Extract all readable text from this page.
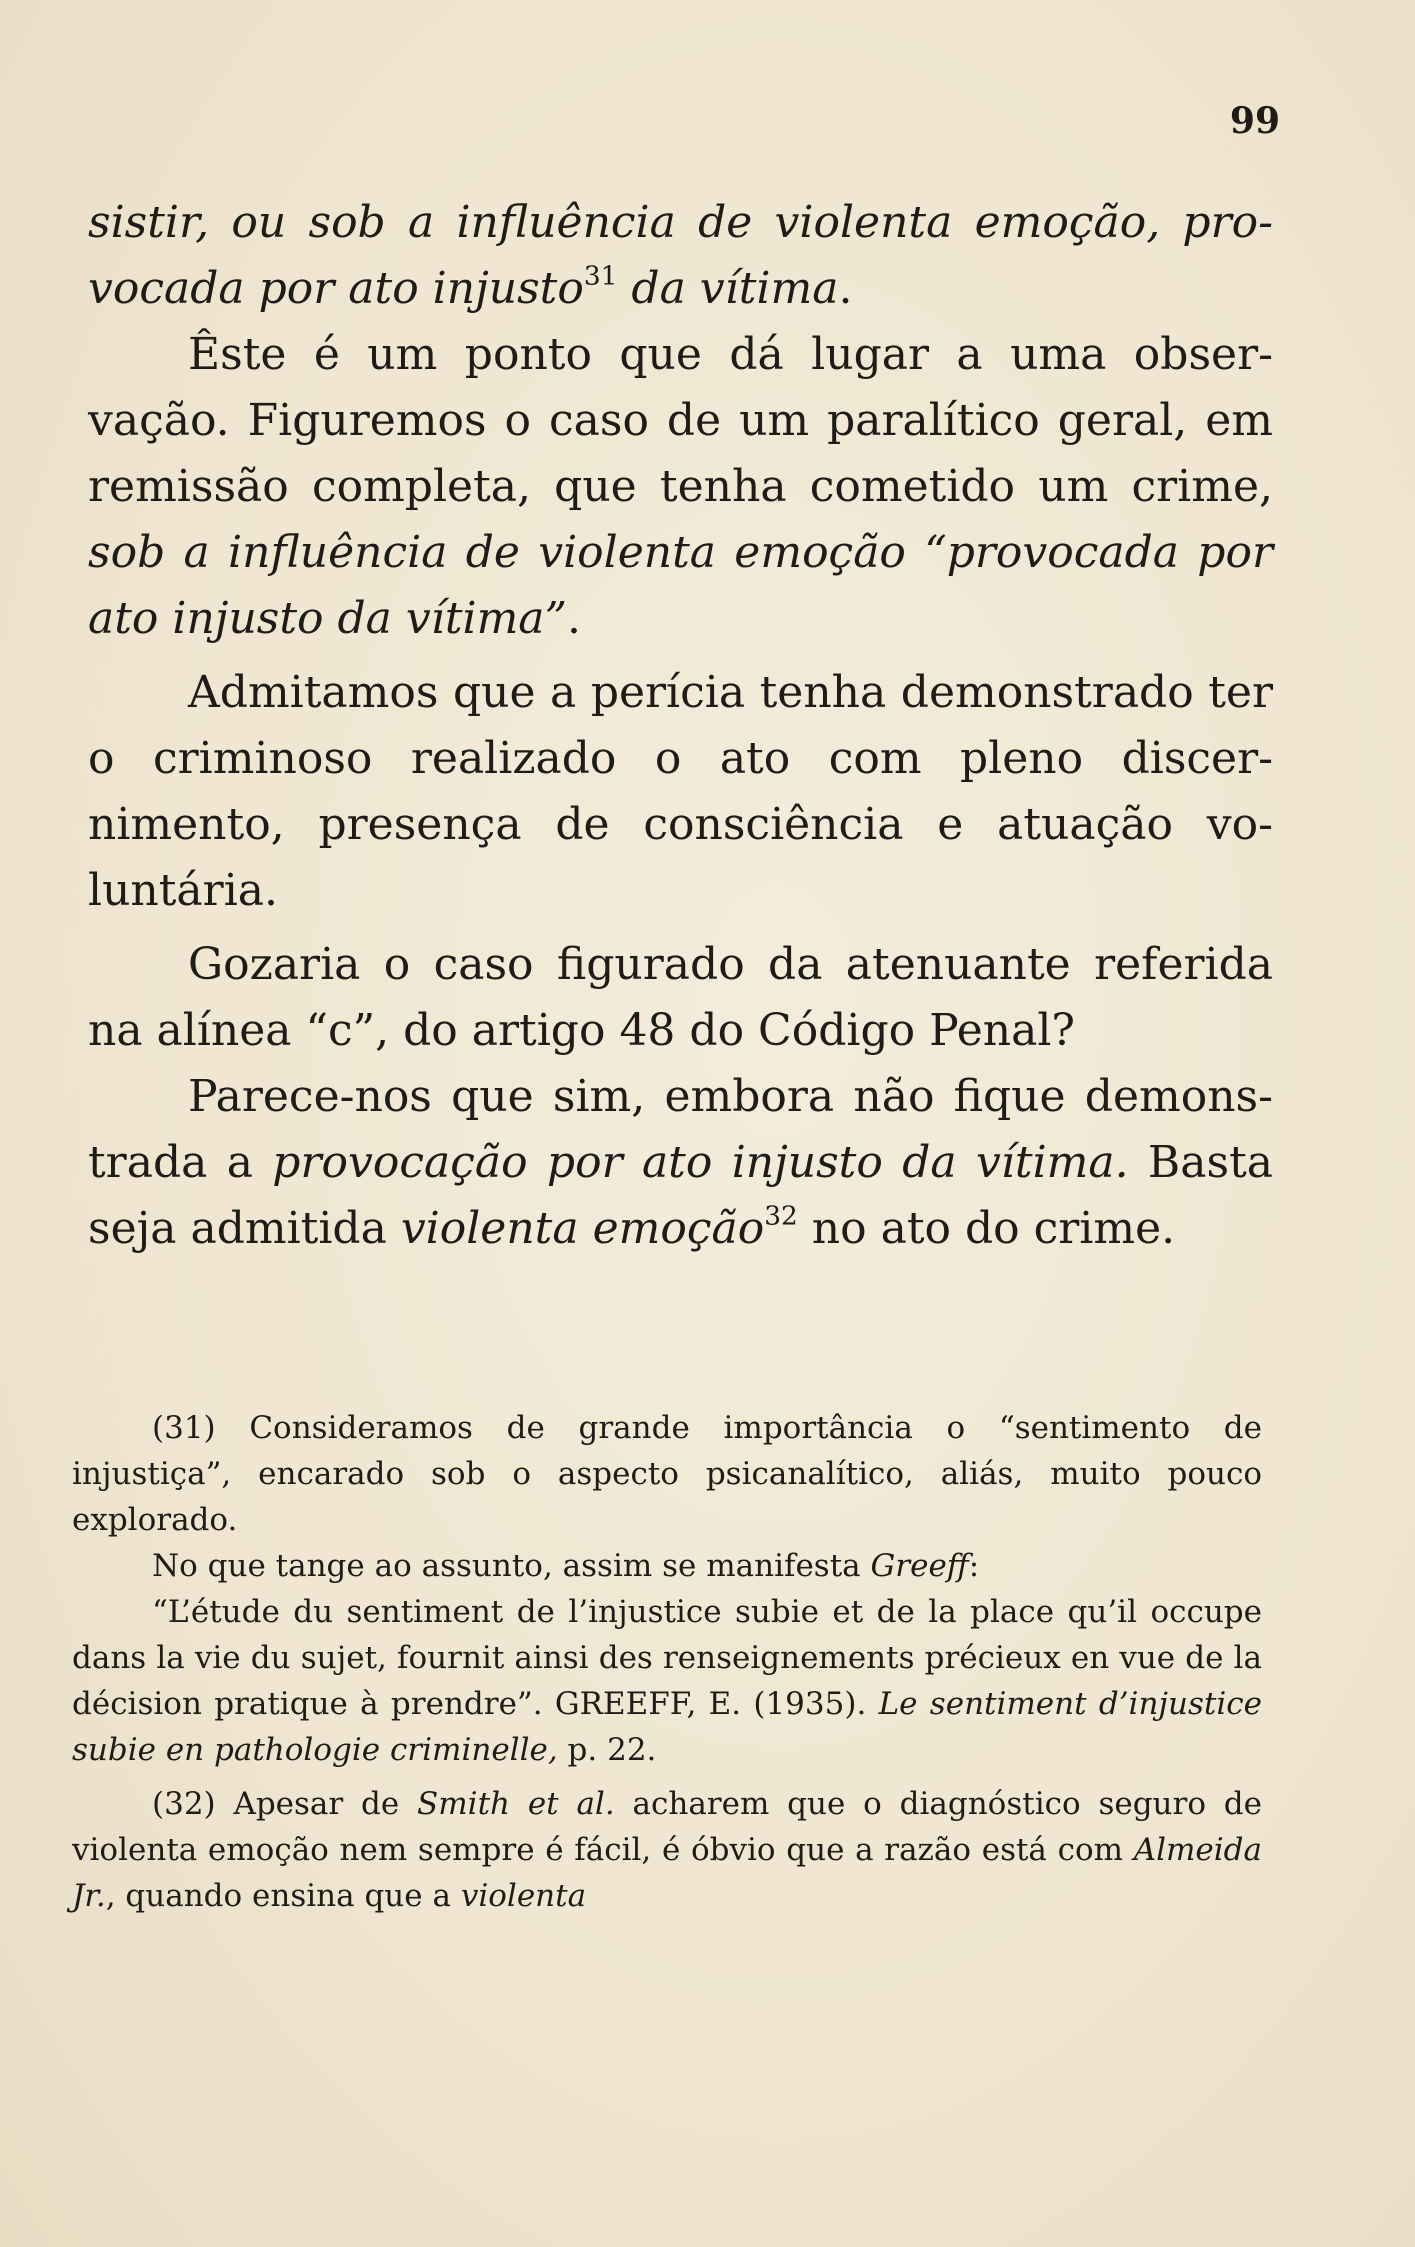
99

sistir, ou sob a influência de violenta emoção, pro- vocada por ato injusto$^{31}$ da vítima.

Êste é um ponto que dá lugar a uma observação. Figuremos o caso de um paralítico geral, em remissão completa, que tenha cometido um crime, sob a influência de violenta emoção “provocada por ato injusto da vítima”.

Admitamos que a perícia tenha demonstrado ter o criminoso realizado o ato com pleno discernimento, presença de consciência e atuação voluntária.

Gozaria o caso figurado da atenuante referida na alínea “c”, do artigo 48 do Código Penal?

Parece-nos que sim, embora não fique demonstrada a provocação por ato injusto da vítima. Basta seja admitida violenta emoção$^{32}$ no ato do crime.

(31) Consideramos de grande importância o “sentimento de injustiça”, encarado sob o aspecto psicanalítico, aliás, muito pouco explorado.

No que tange ao assunto, assim se manifesta Greeff:

“L’étude du sentiment de l’injustice subie et de la place qu’il occupe dans la vie du sujet, fournit ainsi des renseignements précieux en vue de la décision pratique à prendre”. GREEFF, E. (1935). Le sentiment d’injustice subie en pathologie criminelle, p. 22.

(32) Apesar de Smith et al. acharem que o diagnóstico seguro de violenta emoção nem sempre é fácil, é óbvio que a razão está com Almeida Jr., quando ensina que a violenta
